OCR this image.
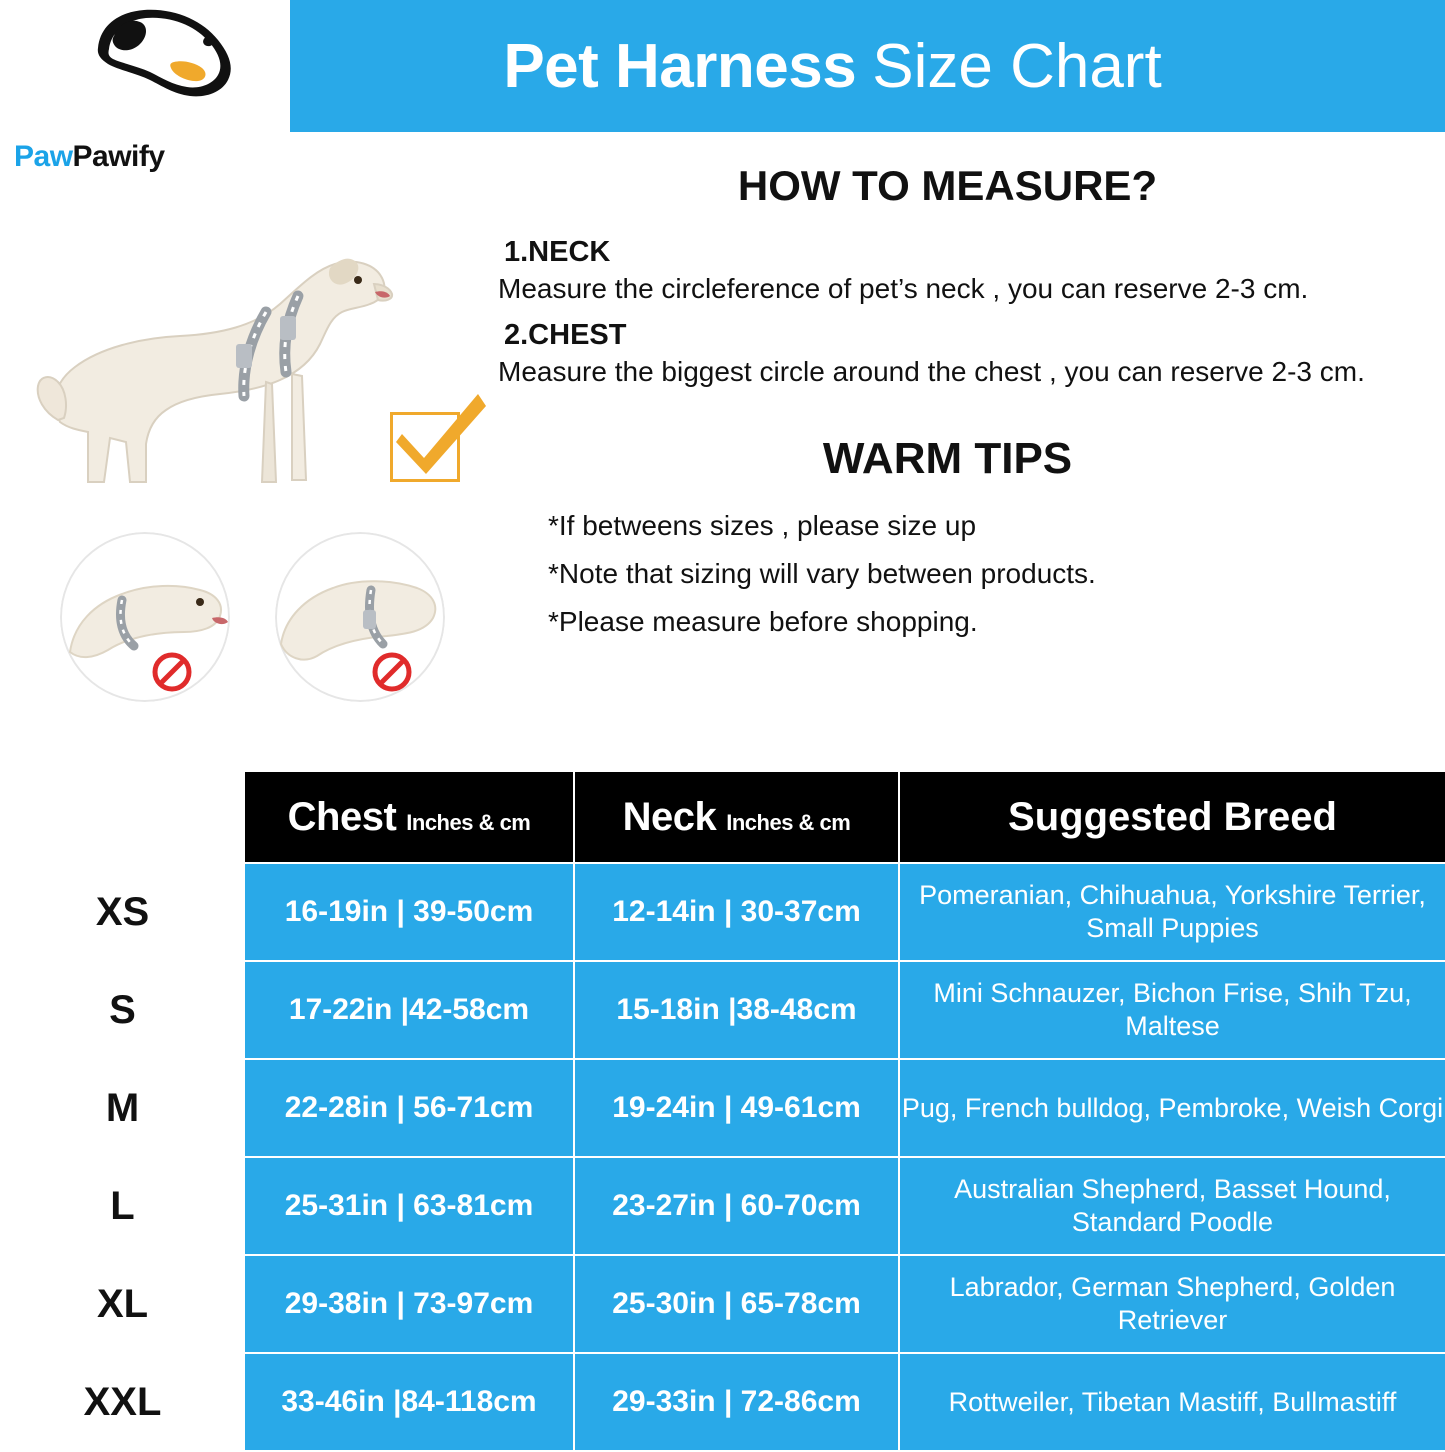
PawPawify
Pet Harness Size Chart
HOW TO MEASURE?

1.NECK

Measure the circleference of pet’s neck , you can reserve 2-3 cm.

2.CHEST

Measure the biggest circle around the chest , you can reserve 2-3 cm.

WARM TIPS

*If betweens sizes , please size up

*Note that sizing will vary between products.

*Please measure before shopping.

	Chest Inches & cm	Neck Inches & cm	Suggested Breed
XS	16-19in | 39-50cm	12-14in | 30-37cm	Pomeranian, Chihuahua, Yorkshire Terrier, Small Puppies
S	17-22in |42-58cm	15-18in |38-48cm	Mini Schnauzer, Bichon Frise, Shih Tzu, Maltese
M	22-28in | 56-71cm	19-24in | 49-61cm	Pug, French bulldog, Pembroke, Weish Corgi
L	25-31in | 63-81cm	23-27in | 60-70cm	Australian Shepherd, Basset Hound, Standard Poodle
XL	29-38in | 73-97cm	25-30in | 65-78cm	Labrador, German Shepherd, Golden Retriever
XXL	33-46in |84-118cm	29-33in | 72-86cm	Rottweiler, Tibetan Mastiff, Bullmastiff
